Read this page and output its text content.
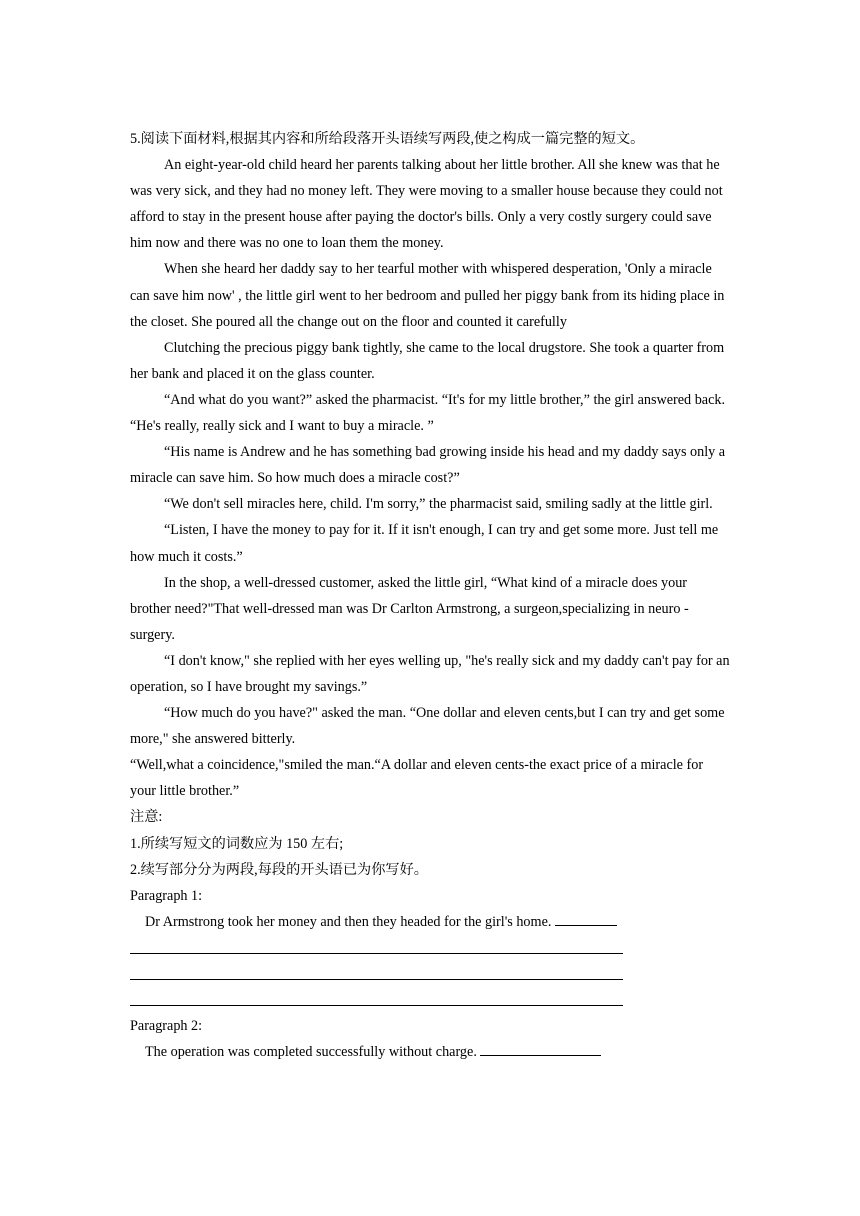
5.阅读下面材料,根据其内容和所给段落开头语续写两段,使之构成一篇完整的短文。

An eight-year-old child heard her parents talking about her little brother. All she knew was that he was very sick, and they had no money left. They were moving to a smaller house because they could not afford to stay in the present house after paying the doctor's bills. Only a very costly surgery could save him now and there was no one to loan them the money.

When she heard her daddy say to her tearful mother with whispered desperation, 'Only a miracle can save him now' , the little girl went to her bedroom and pulled her piggy bank from its hiding place in the closet. She poured all the change out on the floor and counted it carefully

Clutching the precious piggy bank tightly, she came to the local drugstore. She took a quarter from her bank and placed it on the glass counter.

“And what do you want?” asked the pharmacist. “It's for my little brother,” the girl answered back. “He's really, really sick and I want to buy a miracle. ”

“His name is Andrew and he has something bad growing inside his head and my daddy says only a miracle can save him. So how much does a miracle cost?”

“We don't sell miracles here, child. I'm sorry,” the pharmacist said, smiling sadly at the little girl.

“Listen, I have the money to pay for it. If it isn't enough, I can try and get some more. Just tell me how much it costs.”

In the shop, a well-dressed customer, asked the little girl, “What kind of a miracle does your brother need?"That well-dressed man was Dr Carlton Armstrong, a surgeon,specializing in neuro -surgery.

“I don't know," she replied with her eyes welling up, "he's really sick and my daddy can't pay for an operation, so I have brought my savings.”

“How much do you have?" asked the man. “One dollar and eleven cents,but I can try and get some more," she answered bitterly.

“Well,what a coincidence,"smiled the man.“A dollar and eleven cents-the exact price of a miracle for your little brother.”

注意:

1.所续写短文的词数应为 150 左右;

2.续写部分分为两段,每段的开头语已为你写好。

Paragraph 1:

Dr Armstrong took her money and then they headed for the girl's home.

Paragraph 2:

The operation was completed successfully without charge.
